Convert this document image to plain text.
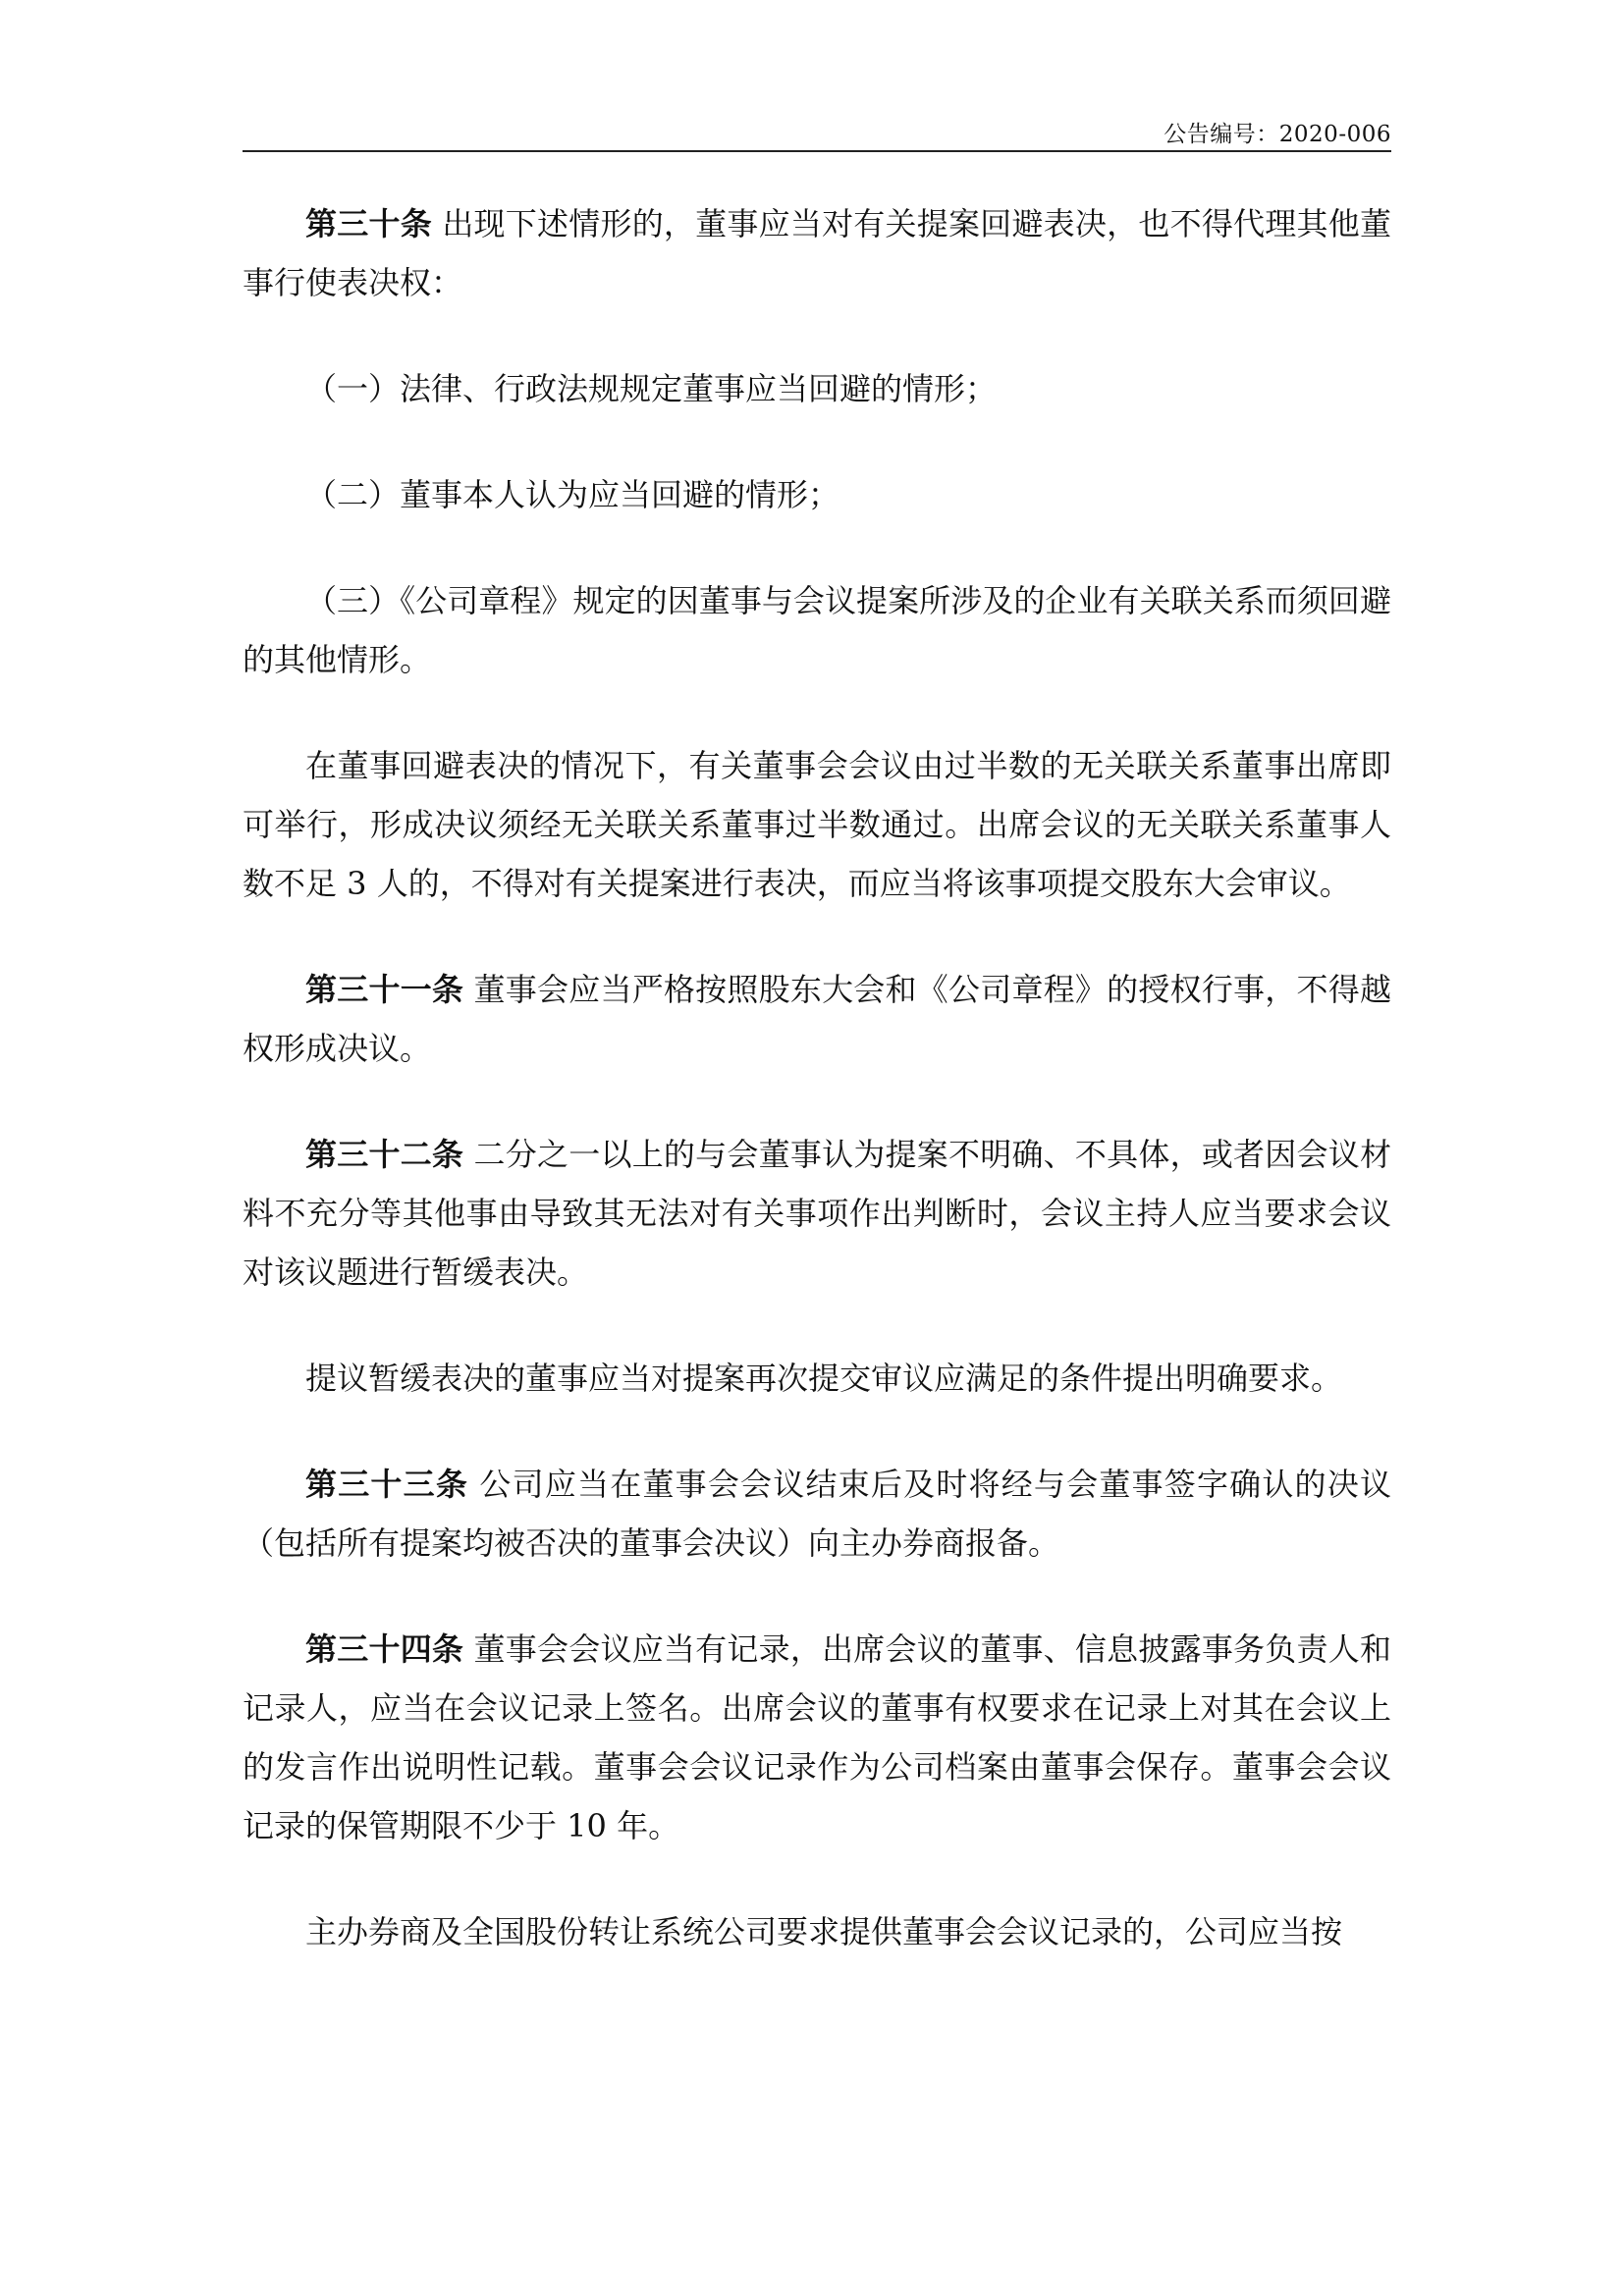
公告编号：2020-006

第三十条 出现下述情形的，董事应当对有关提案回避表决，也不得代理其他董事行使表决权：

（一）法律、行政法规规定董事应当回避的情形；

（二）董事本人认为应当回避的情形；

（三）《公司章程》规定的因董事与会议提案所涉及的企业有关联关系而须回避的其他情形。

在董事回避表决的情况下，有关董事会会议由过半数的无关联关系董事出席即可举行，形成决议须经无关联关系董事过半数通过。出席会议的无关联关系董事人数不足 3 人的，不得对有关提案进行表决，而应当将该事项提交股东大会审议。

第三十一条 董事会应当严格按照股东大会和《公司章程》的授权行事，不得越权形成决议。

第三十二条 二分之一以上的与会董事认为提案不明确、不具体，或者因会议材料不充分等其他事由导致其无法对有关事项作出判断时，会议主持人应当要求会议对该议题进行暂缓表决。

提议暂缓表决的董事应当对提案再次提交审议应满足的条件提出明确要求。

第三十三条 公司应当在董事会会议结束后及时将经与会董事签字确认的决议（包括所有提案均被否决的董事会决议）向主办券商报备。

第三十四条 董事会会议应当有记录，出席会议的董事、信息披露事务负责人和记录人，应当在会议记录上签名。出席会议的董事有权要求在记录上对其在会议上的发言作出说明性记载。董事会会议记录作为公司档案由董事会保存。董事会会议记录的保管期限不少于 10 年。

主办券商及全国股份转让系统公司要求提供董事会会议记录的，公司应当按
